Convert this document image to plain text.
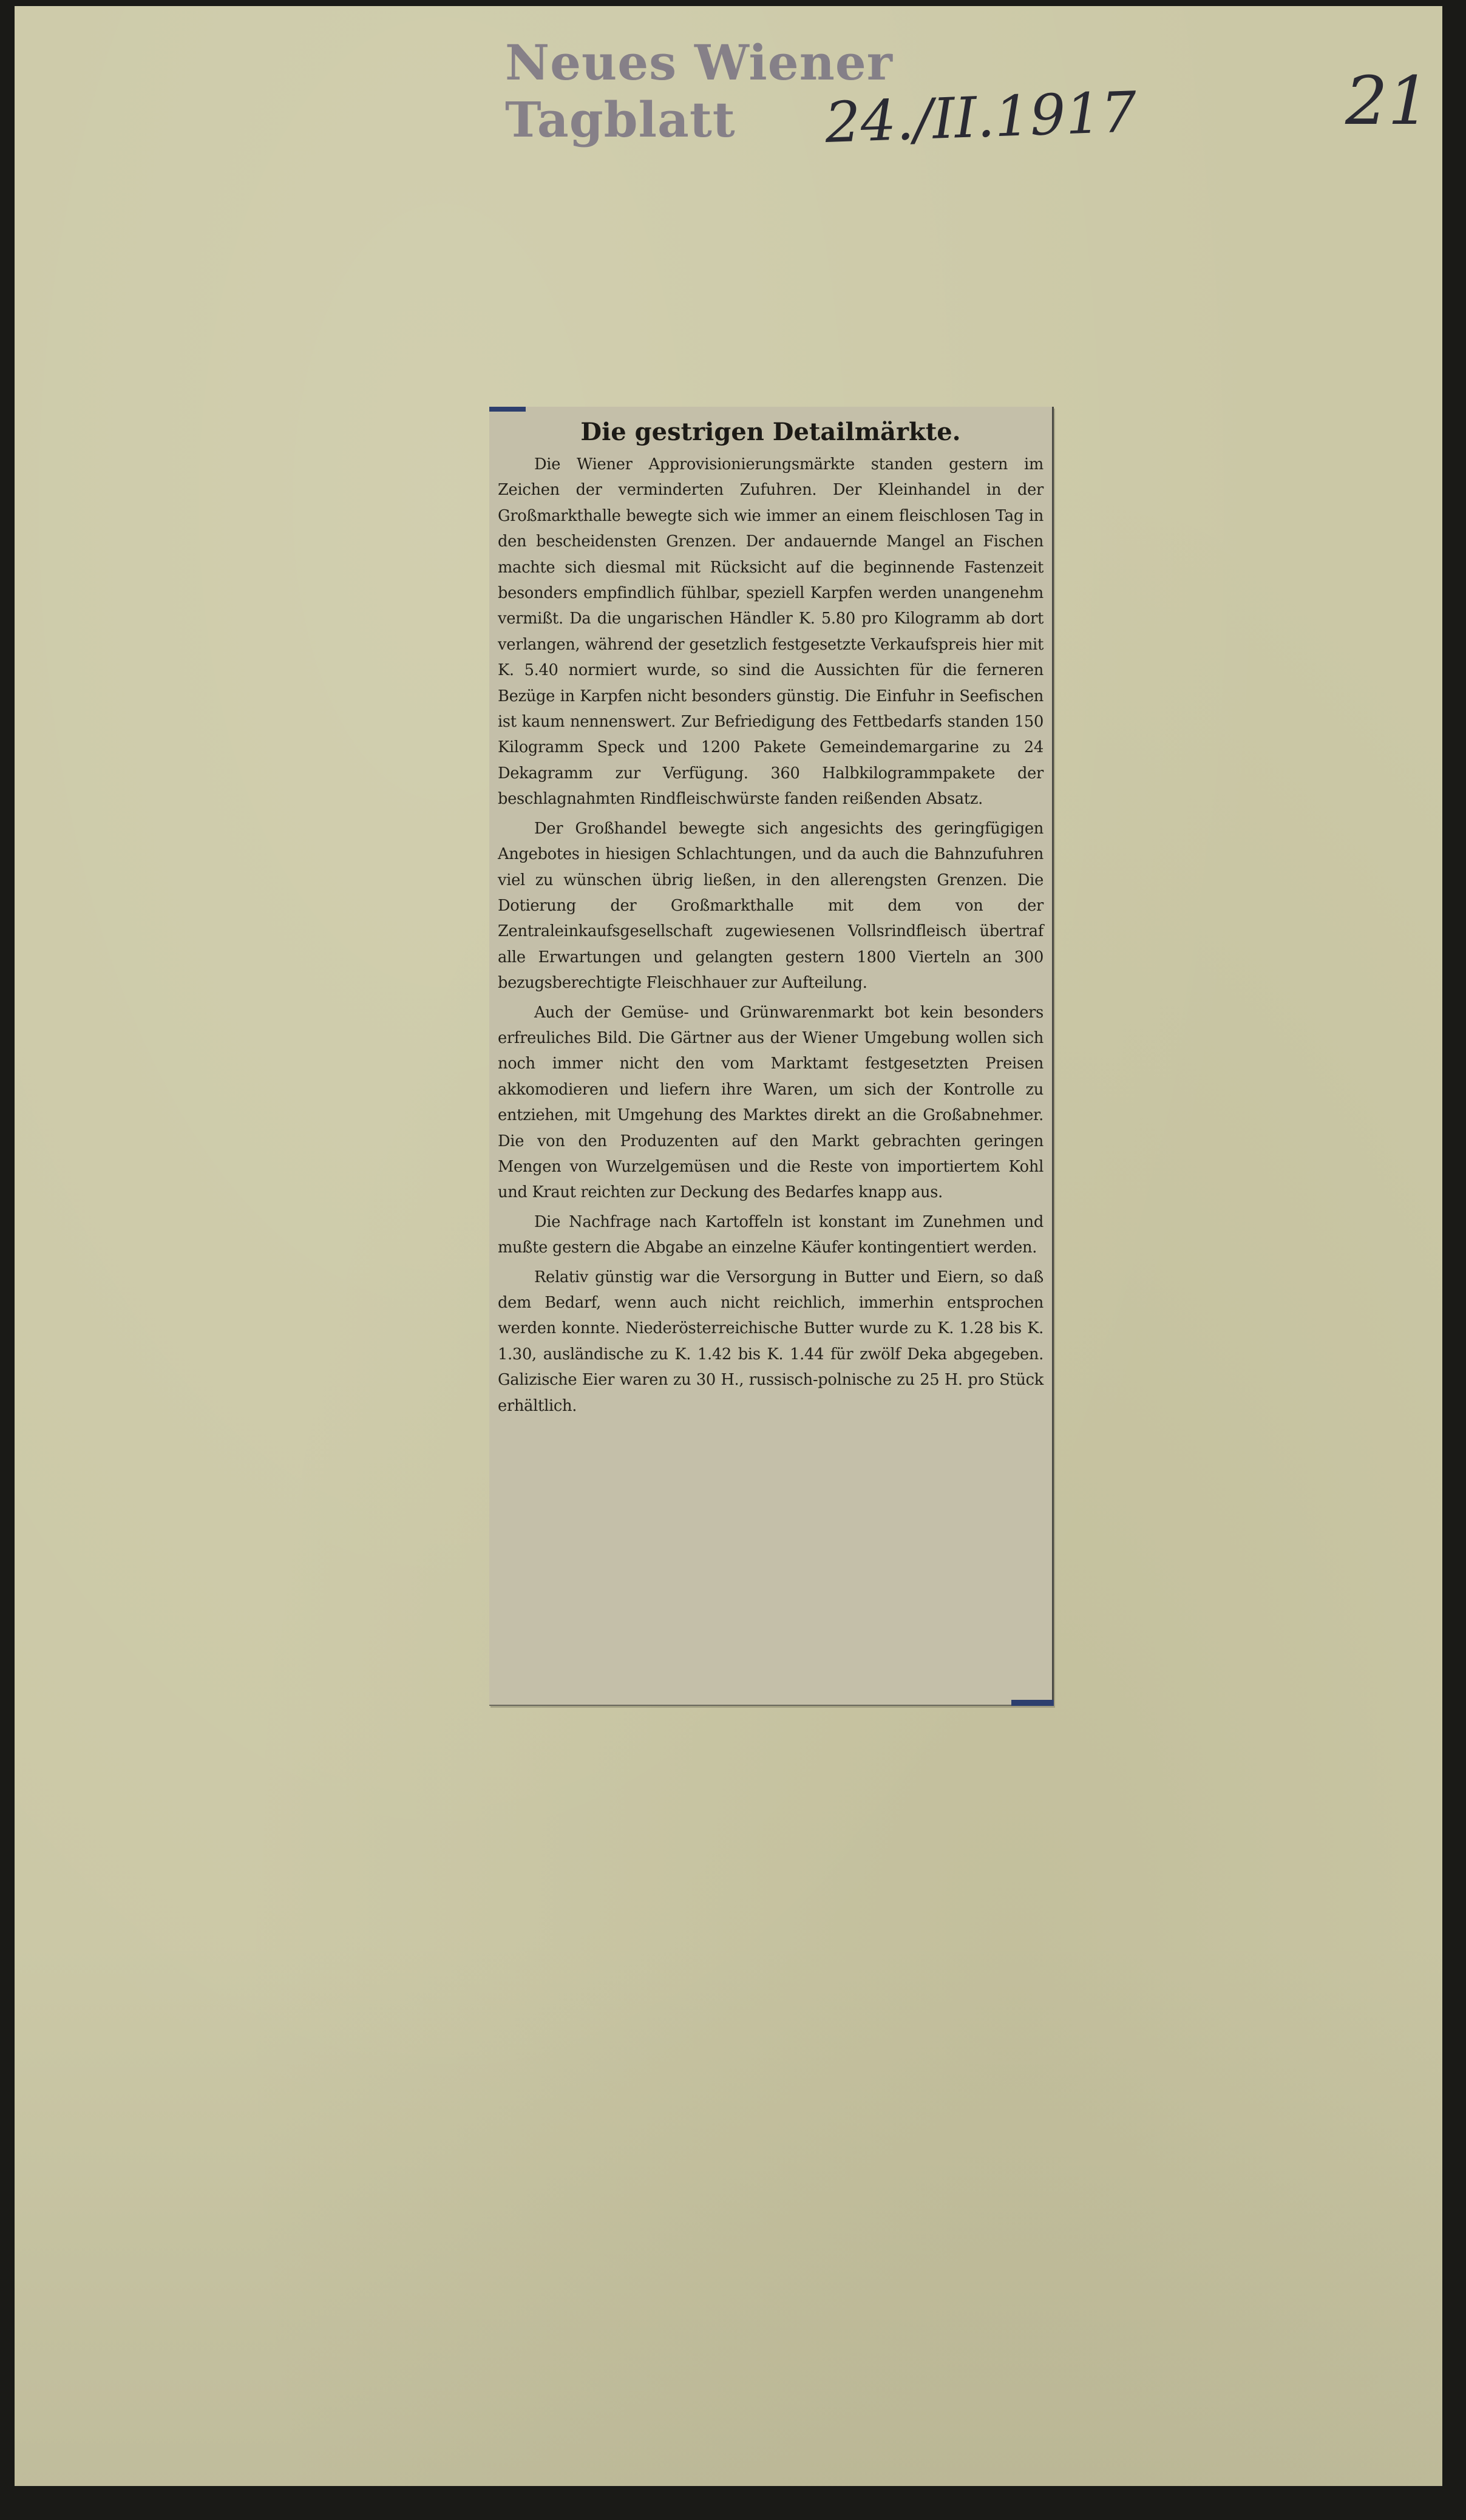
Neues Wiener Tagblatt	24./II.1917	21
Die gestrigen Detailmärkte.

Die Wiener Approvisionierungsmärkte standen gestern im Zeichen der verminderten Zufuhren. Der Kleinhandel in der Großmarkthalle bewegte sich wie immer an einem fleischlosen Tag in den bescheidensten Grenzen. Der andauernde Mangel an Fischen machte sich diesmal mit Rücksicht auf die beginnende Fastenzeit besonders empfindlich fühlbar, speziell Karpfen werden unangenehm vermißt. Da die ungarischen Händler K. 5.80 pro Kilogramm ab dort verlangen, während der gesetzlich festgesetzte Verkaufspreis hier mit K. 5.40 normiert wurde, so sind die Aussichten für die ferneren Bezüge in Karpfen nicht besonders günstig. Die Einfuhr in Seefischen ist kaum nennenswert. Zur Befriedigung des Fettbedarfs standen 150 Kilogramm Speck und 1200 Pakete Gemeindemargarine zu 24 Dekagramm zur Verfügung. 360 Halbkilogrammpakete der beschlagnahmten Rindfleischwürste fanden reißenden Absatz.

Der Großhandel bewegte sich angesichts des geringfügigen Angebotes in hiesigen Schlachtungen, und da auch die Bahnzufuhren viel zu wünschen übrig ließen, in den allerengsten Grenzen. Die Dotierung der Großmarkthalle mit dem von der Zentraleinkaufsgesellschaft zugewiesenen Vollsrindfleisch übertraf alle Erwartungen und gelangten gestern 1800 Vierteln an 300 bezugsberechtigte Fleischhauer zur Aufteilung.

Auch der Gemüse- und Grünwarenmarkt bot kein besonders erfreuliches Bild. Die Gärtner aus der Wiener Umgebung wollen sich noch immer nicht den vom Marktamt festgesetzten Preisen akkomodieren und liefern ihre Waren, um sich der Kontrolle zu entziehen, mit Umgehung des Marktes direkt an die Großabnehmer. Die von den Produzenten auf den Markt gebrachten geringen Mengen von Wurzelgemüsen und die Reste von importiertem Kohl und Kraut reichten zur Deckung des Bedarfes knapp aus.

Die Nachfrage nach Kartoffeln ist konstant im Zunehmen und mußte gestern die Abgabe an einzelne Käufer kontingentiert werden.

Relativ günstig war die Versorgung in Butter und Eiern, so daß dem Bedarf, wenn auch nicht reichlich, immerhin entsprochen werden konnte. Niederösterreichische Butter wurde zu K. 1.28 bis K. 1.30, ausländische zu K. 1.42 bis K. 1.44 für zwölf Deka abgegeben. Galizische Eier waren zu 30 H., russisch-polnische zu 25 H. pro Stück erhältlich.
